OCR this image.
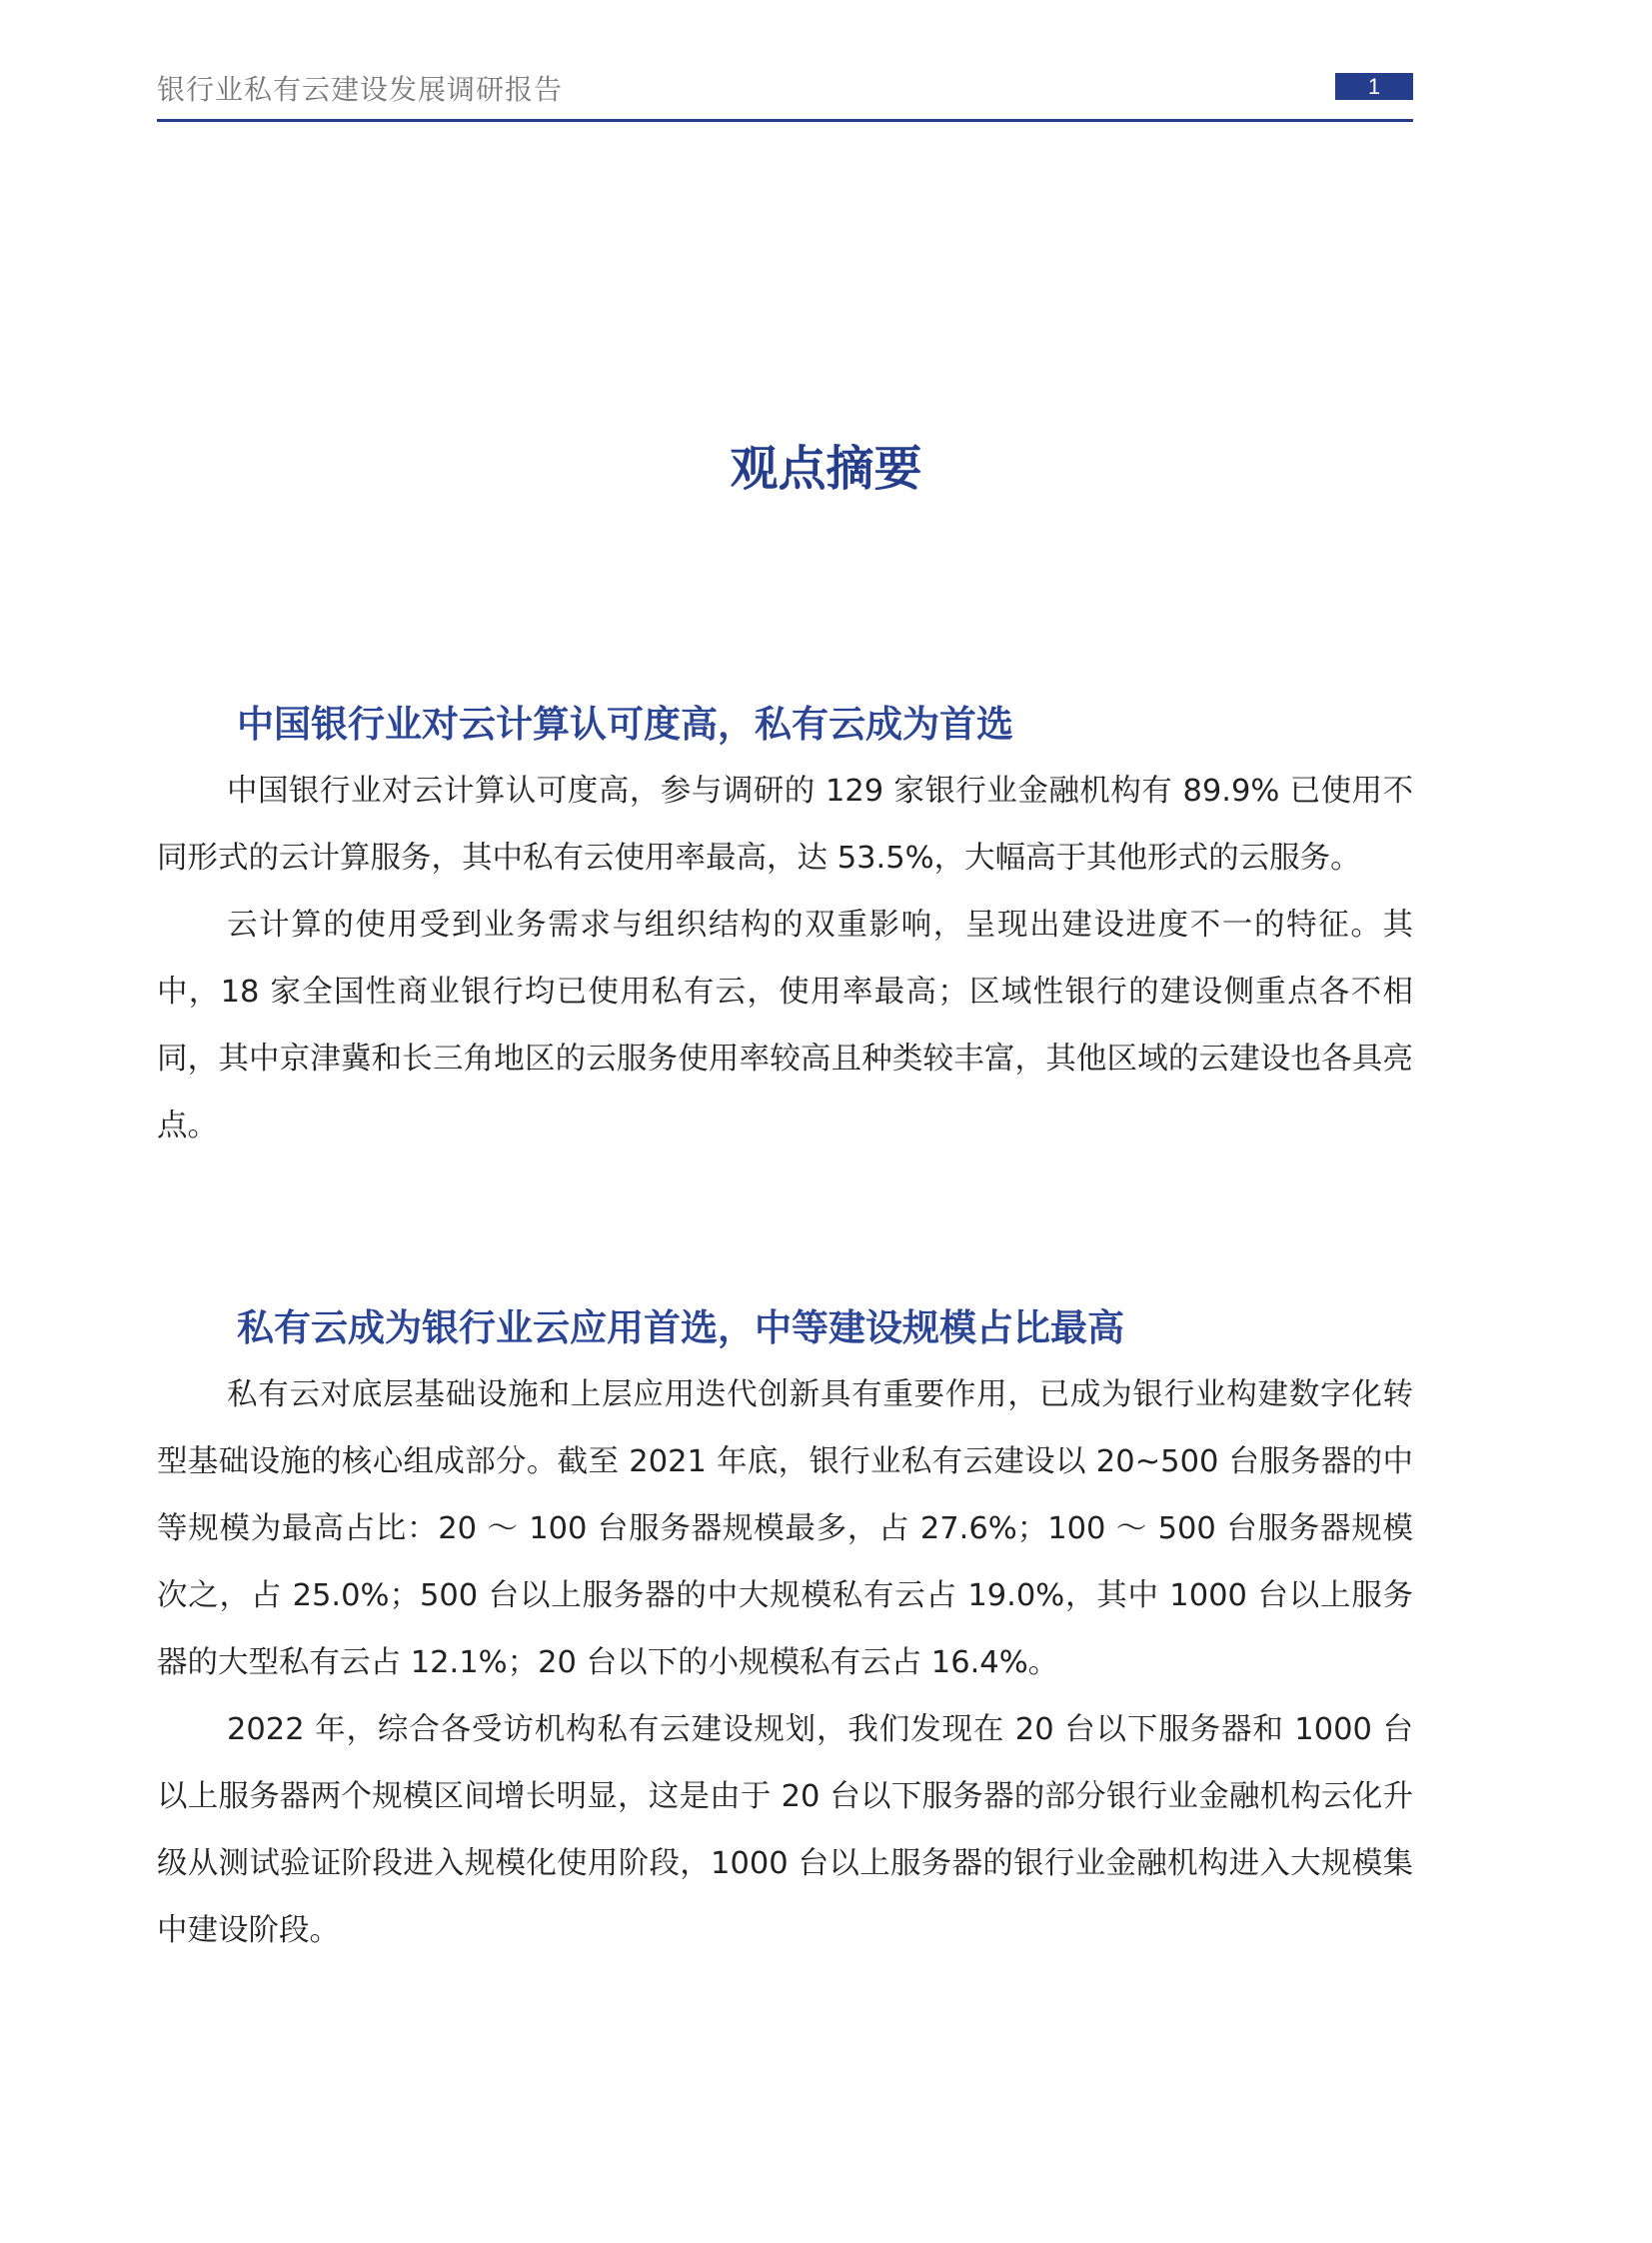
银行业私有云建设发展调研报告	1
观点摘要
中国银行业对云计算认可度高，私有云成为首选

中国银行业对云计算认可度高，参与调研的 129 家银行业金融机构有 89.9% 已使用不同形式的云计算服务，其中私有云使用率最高，达 53.5%，大幅高于其他形式的云服务。

云计算的使用受到业务需求与组织结构的双重影响，呈现出建设进度不一的特征。其中，18 家全国性商业银行均已使用私有云，使用率最高；区域性银行的建设侧重点各不相同，其中京津冀和长三角地区的云服务使用率较高且种类较丰富，其他区域的云建设也各具亮点。

私有云成为银行业云应用首选，中等建设规模占比最高

私有云对底层基础设施和上层应用迭代创新具有重要作用，已成为银行业构建数字化转型基础设施的核心组成部分。截至 2021 年底，银行业私有云建设以 20~500 台服务器的中等规模为最高占比：20 ～ 100 台服务器规模最多，占 27.6%；100 ～ 500 台服务器规模次之，占 25.0%；500 台以上服务器的中大规模私有云占 19.0%，其中 1000 台以上服务器的大型私有云占 12.1%；20 台以下的小规模私有云占 16.4%。

2022 年，综合各受访机构私有云建设规划，我们发现在 20 台以下服务器和 1000 台以上服务器两个规模区间增长明显，这是由于 20 台以下服务器的部分银行业金融机构云化升级从测试验证阶段进入规模化使用阶段，1000 台以上服务器的银行业金融机构进入大规模集中建设阶段。
